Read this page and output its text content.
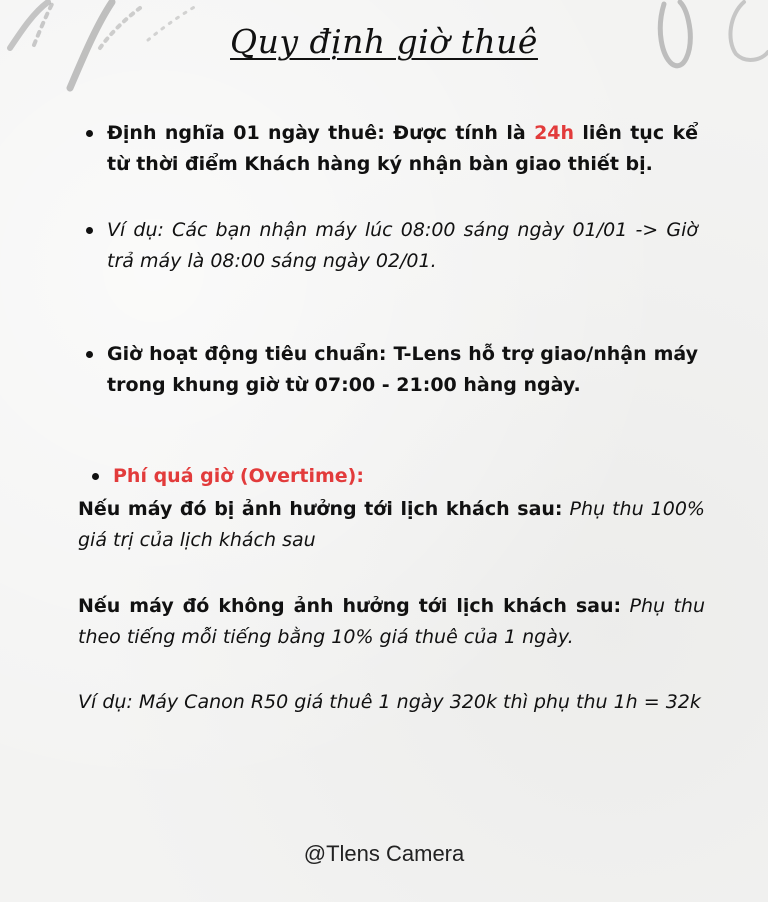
Quy định giờ thuê
Định nghĩa 01 ngày thuê: Được tính là 24h liên tục kể từ thời điểm Khách hàng ký nhận bàn giao thiết bị.
Ví dụ: Các bạn nhận máy lúc 08:00 sáng ngày 01/01 -> Giờ trả máy là 08:00 sáng ngày 02/01.
Giờ hoạt động tiêu chuẩn: T-Lens hỗ trợ giao/nhận máy trong khung giờ từ 07:00 - 21:00 hàng ngày.
Phí quá giờ (Overtime):
Nếu máy đó bị ảnh hưởng tới lịch khách sau: Phụ thu 100% giá trị của lịch khách sau
Nếu máy đó không ảnh hưởng tới lịch khách sau: Phụ thu theo tiếng mỗi tiếng bằng 10% giá thuê của 1 ngày.
Ví dụ: Máy Canon R50 giá thuê 1 ngày 320k thì phụ thu 1h = 32k
@Tlens Camera
